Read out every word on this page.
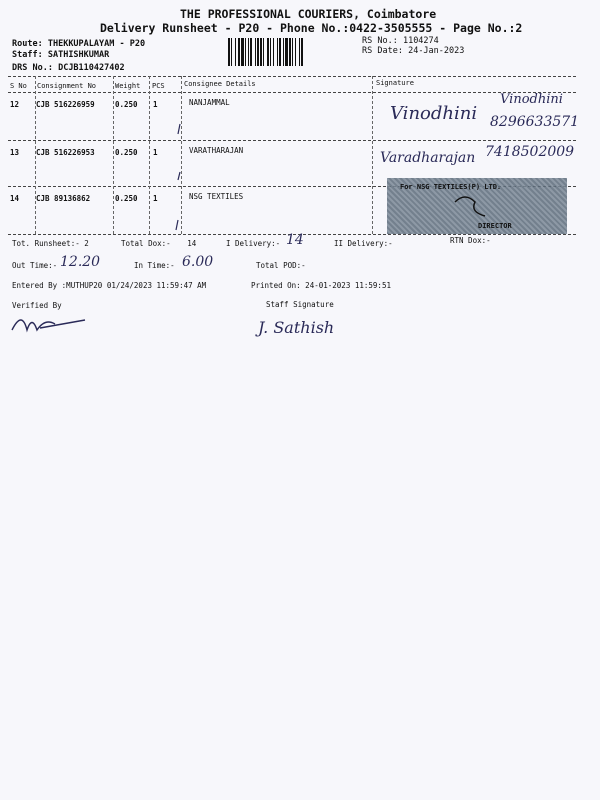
THE PROFESSIONAL COURIERS, Coimbatore
Delivery Runsheet - P20 - Phone No.:0422-3505555 - Page No.:2
Route: THEKKUPALAYAM - P20
Staff: SATHISHKUMAR
DRS No.: DCJB110427402
RS No.: 1104274
RS Date: 24-Jan-2023
S No Consignment No	Weight PCS	Consignee Details	Signature
12 CJB 516226959	0.250 1	NANJAMMAL
Vinodhini
Vinodhini
8296633571
13 CJB 516226953	0.250 1	VARATHARAJAN	Varadharajan 7418502009
14 CJB 89136862	0.250 1	NSG TEXTILES
For NSG TEXTILES(P) LTD.
DIRECTOR
Tot. Runsheet:- 2	Total Dox:- 14	I Delivery:- 14	II Delivery:-	RTN Dox:-
Out Time:- 12.20	In Time:- 6.00	Total POD:-
Entered By :MUTHUP20 01/24/2023 11:59:47 AM	Printed On: 24-01-2023 11:59:51
Verified By	Staff Signature
J. Sathish
